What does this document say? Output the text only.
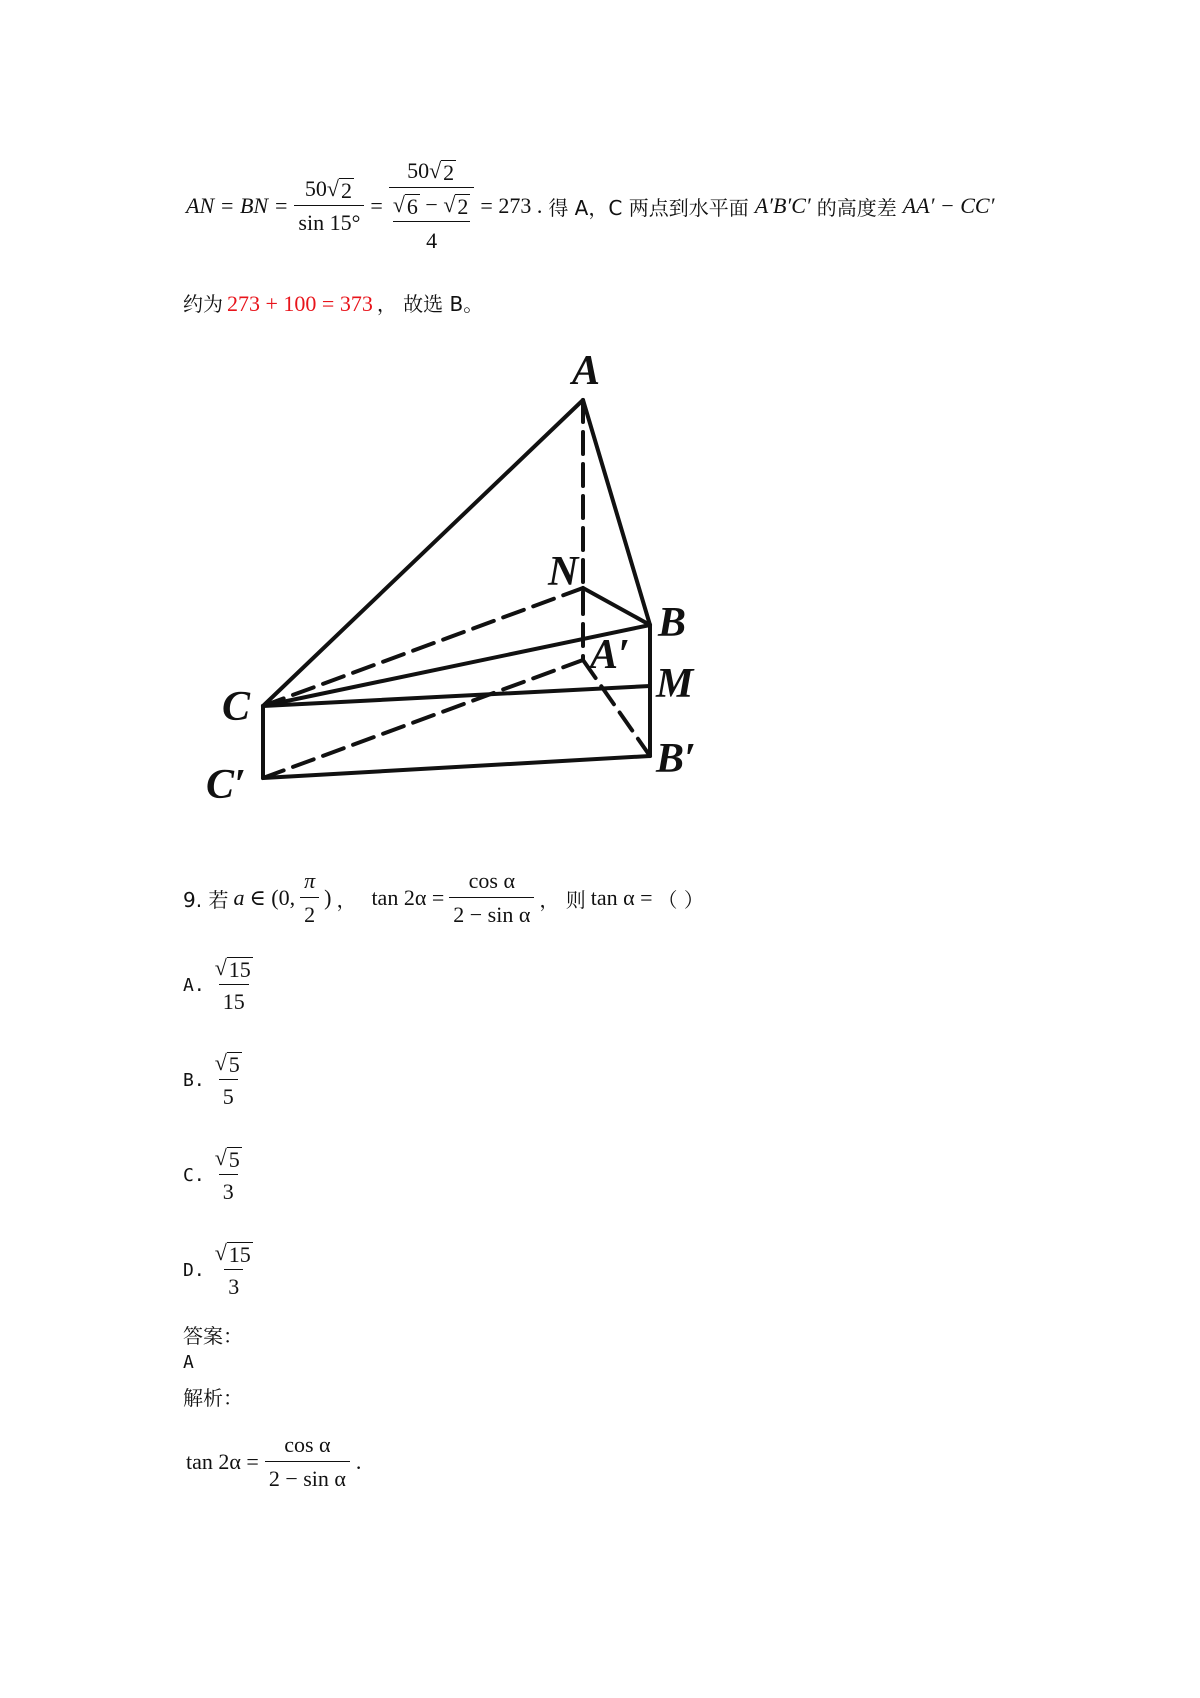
AN = BN = $\frac{50 √ 2}{\sin 15^\circ} = 50$ √ 2
√ 6 − √ 2
4 = 273 . 得 A，C 两点到水平面 A′B′C′ 的高度差 AA′ − CC′
约为 273 + 100 = 373 ， 故选 B。
A
N
B
A′
M
C
C′
B′
9. 若 a ∈ (0, $\frac{\pi}{2}$ ) ， $\tan 2\alpha = \frac{\text{cos α}}{\text{2 − sin α}}$ ， 则 tan α = （ ）
A. $\frac{√ 15}{15}$
B. $\frac{√ 5}{5}$
C. $\frac{√ 5}{3}$
D. $\frac{√ 15}{3}$
答案：
A
解析：
$\tan 2\alpha = \frac{\text{cos α}}{\text{2 − sin α}}$ .
